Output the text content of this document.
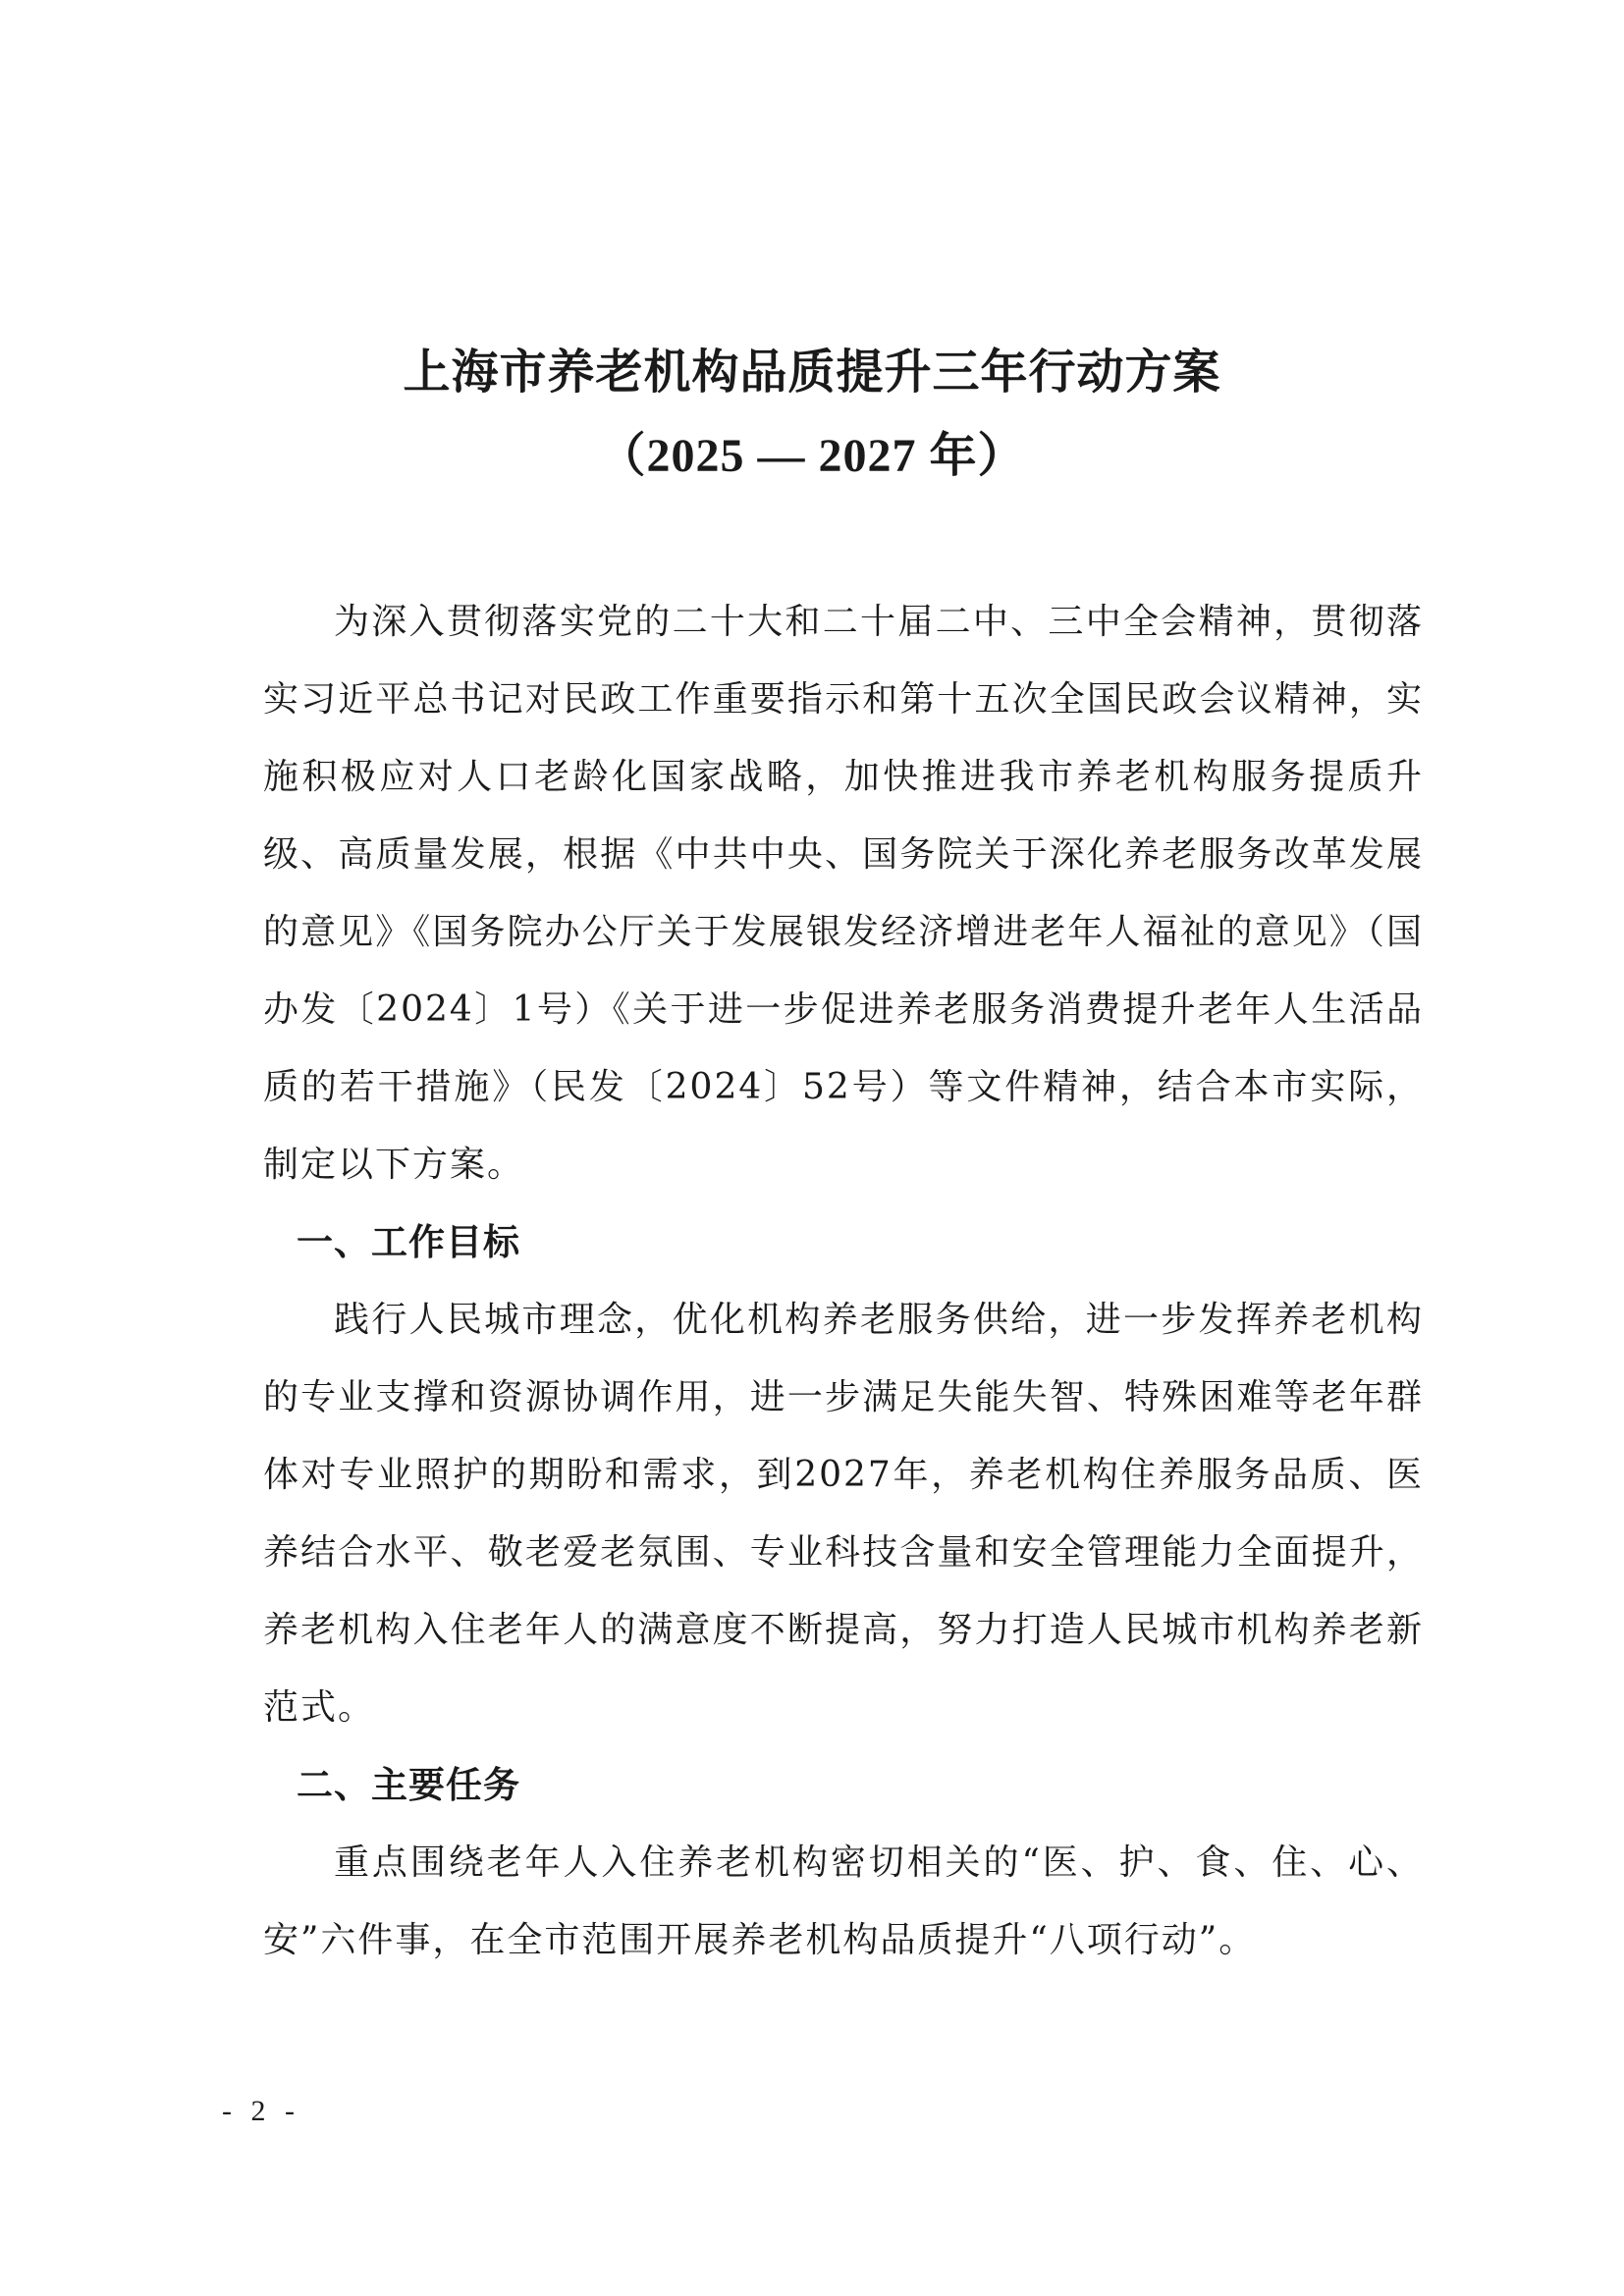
上海市养老机构品质提升三年行动方案
（2025 — 2027 年）

为深入贯彻落实党的二十大和二十届二中、三中全会精神，贯彻落实习近平总书记对民政工作重要指示和第十五次全国民政会议精神，实施积极应对人口老龄化国家战略，加快推进我市养老机构服务提质升级、高质量发展，根据《中共中央、国务院关于深化养老服务改革发展的意见》《国务院办公厅关于发展银发经济增进老年人福祉的意见》（国办发〔2024〕1号）《关于进一步促进养老服务消费提升老年人生活品质的若干措施》（民发〔2024〕52号）等文件精神，结合本市实际，制定以下方案。

一、工作目标

践行人民城市理念，优化机构养老服务供给，进一步发挥养老机构的专业支撑和资源协调作用，进一步满足失能失智、特殊困难等老年群体对专业照护的期盼和需求，到2027年，养老机构住养服务品质、医养结合水平、敬老爱老氛围、专业科技含量和安全管理能力全面提升，养老机构入住老年人的满意度不断提高，努力打造人民城市机构养老新范式。

二、主要任务

重点围绕老年人入住养老机构密切相关的“医、护、食、住、心、安”六件事，在全市范围开展养老机构品质提升“八项行动”。

- 2 -
